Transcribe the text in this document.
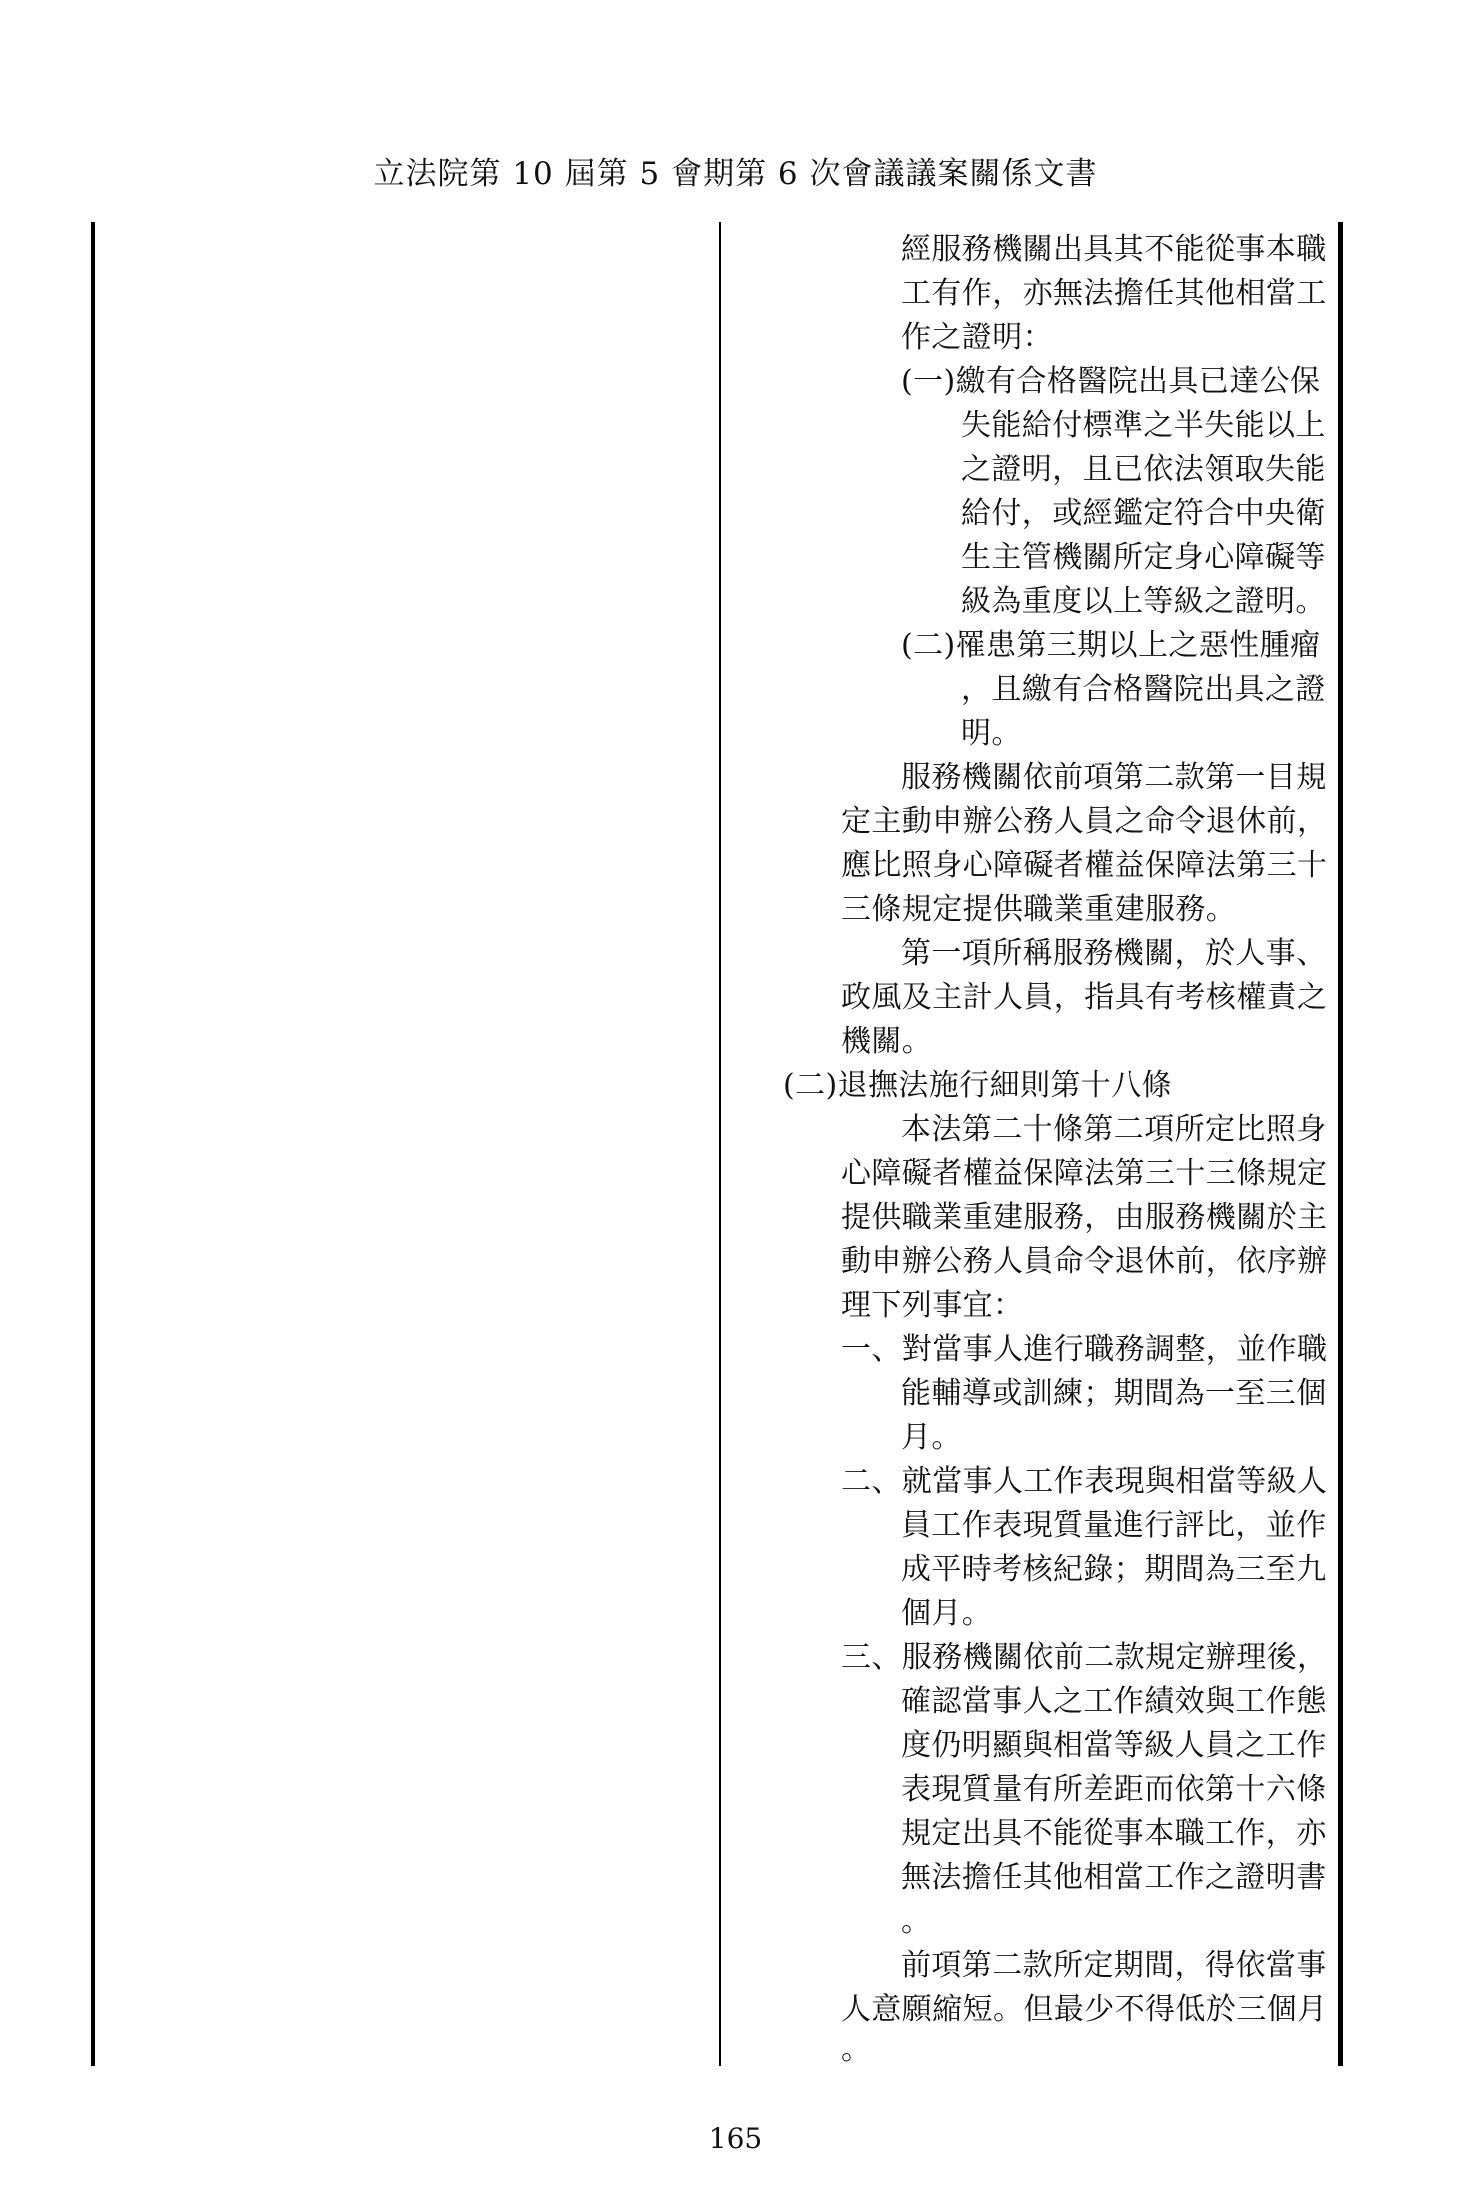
立法院第 10 屆第 5 會期第 6 次會議議案關係文書
經服務機關出具其不能從事本職
工有作，亦無法擔任其他相當工
作之證明：
(一)繳有合格醫院出具已達公保
失能給付標準之半失能以上
之證明，且已依法領取失能
給付，或經鑑定符合中央衛
生主管機關所定身心障礙等
級為重度以上等級之證明。
(二)罹患第三期以上之惡性腫瘤
，且繳有合格醫院出具之證
明。
服務機關依前項第二款第一目規
定主動申辦公務人員之命令退休前，
應比照身心障礙者權益保障法第三十
三條規定提供職業重建服務。
第一項所稱服務機關，於人事、
政風及主計人員，指具有考核權責之
機關。
(二)退撫法施行細則第十八條
本法第二十條第二項所定比照身
心障礙者權益保障法第三十三條規定
提供職業重建服務，由服務機關於主
動申辦公務人員命令退休前，依序辦
理下列事宜：
一、對當事人進行職務調整，並作職
能輔導或訓練；期間為一至三個
月。
二、就當事人工作表現與相當等級人
員工作表現質量進行評比，並作
成平時考核紀錄；期間為三至九
個月。
三、服務機關依前二款規定辦理後，
確認當事人之工作績效與工作態
度仍明顯與相當等級人員之工作
表現質量有所差距而依第十六條
規定出具不能從事本職工作，亦
無法擔任其他相當工作之證明書
。
前項第二款所定期間，得依當事
人意願縮短。但最少不得低於三個月
。
165
